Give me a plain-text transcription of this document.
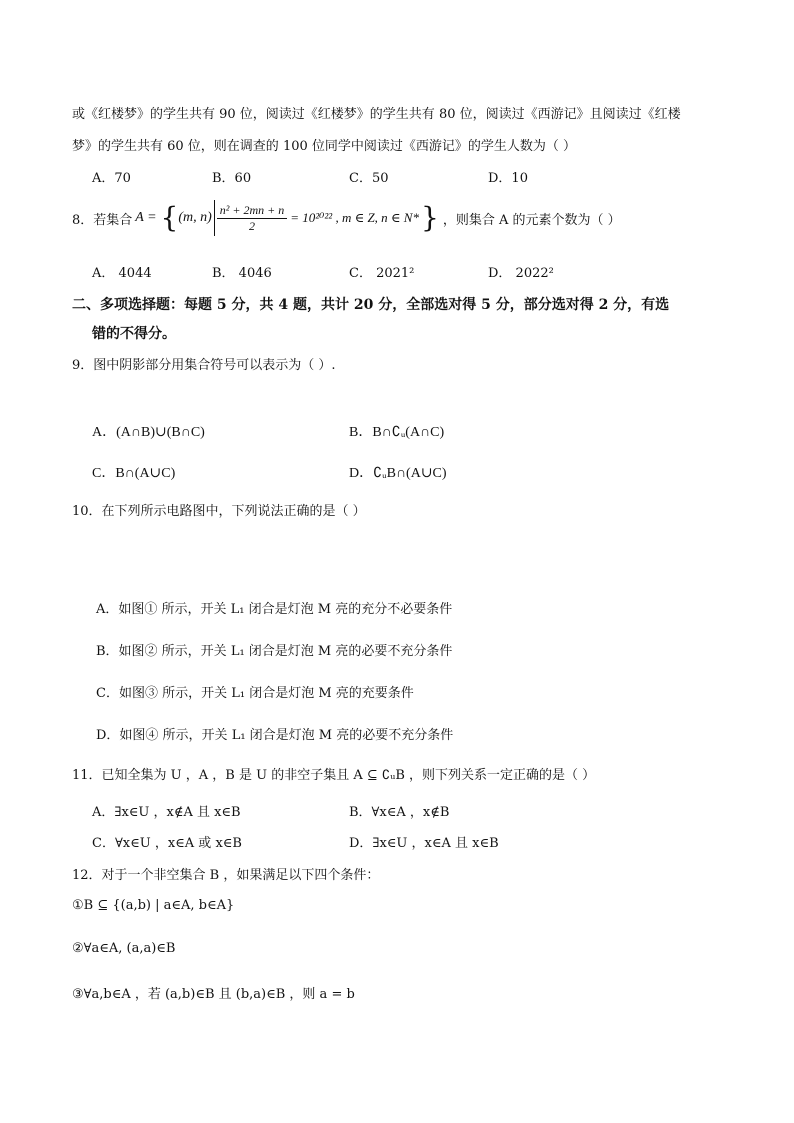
或《红楼梦》的学生共有 90 位，阅读过《红楼梦》的学生共有 80 位，阅读过《西游记》且阅读过《红楼
梦》的学生共有 60 位，则在调查的 100 位同学中阅读过《西游记》的学生人数为（ ）
A．70	B．60	C．50	D．10
8．若集合 A = { (m, $n) \frac{\text{n² + 2mn + n}}{2} = 10^{2022}$ , m ∈ Z, n ∈ N* } ，则集合 A 的元素个数为（ ）
A． 4044	B． 4046	C． 2021²	D． 2022²
二、多项选择题：每题 5 分，共 4 题，共计 20 分，全部选对得 5 分，部分选对得 2 分，有选
错的不得分。
9．图中阴影部分用集合符号可以表示为（ ）.
A．(A∩B)∪(B∩C)	B．B∩∁ᵤ(A∩C)
C．B∩(A∪C)	D．∁ᵤB∩(A∪C)
10．在下列所示电路图中，下列说法正确的是（ ）
A．如图① 所示，开关 L₁ 闭合是灯泡 M 亮的充分不必要条件
B．如图② 所示，开关 L₁ 闭合是灯泡 M 亮的必要不充分条件
C．如图③ 所示，开关 L₁ 闭合是灯泡 M 亮的充要条件
D．如图④ 所示，开关 L₁ 闭合是灯泡 M 亮的必要不充分条件
11．已知全集为 U ，A ，B 是 U 的非空子集且 A ⊆ ∁ᵤB ，则下列关系一定正确的是（ ）
A．∃x∈U ，x∉A 且 x∈B	B．∀x∈A ，x∉B
C．∀x∈U ，x∈A 或 x∈B	D．∃x∈U ，x∈A 且 x∈B
12．对于一个非空集合 B ，如果满足以下四个条件：
①B ⊆ {(a,b) | a∈A, b∈A}
②∀a∈A, (a,a)∈B
③∀a,b∈A ，若 (a,b)∈B 且 (b,a)∈B ，则 a = b
